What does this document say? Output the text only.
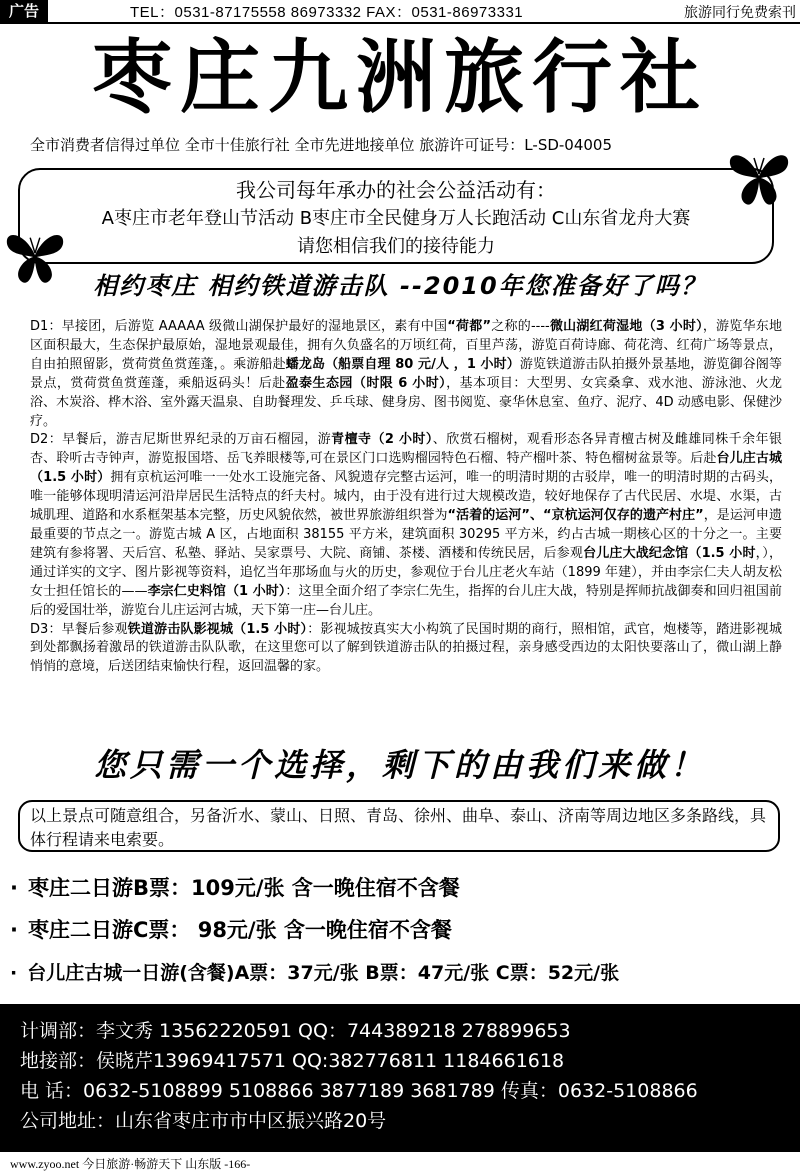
广告	TEL：0531-87175558 86973332 FAX：0531-86973331	旅游同行免费索刊
枣庄九洲旅行社
全市消费者信得过单位 全市十佳旅行社 全市先进地接单位 旅游许可证号：L-SD-04005
我公司每年承办的社会公益活动有：
A枣庄市老年登山节活动 B枣庄市全民健身万人长跑活动 C山东省龙舟大赛
请您相信我们的接待能力
相约枣庄 相约铁道游击队 --2010年您准备好了吗？
D1：早接团，后游览 AAAAA 级微山湖保护最好的湿地景区，素有中国“荷都”之称的----微山湖红荷湿地（3 小时），游览华东地区面积最大，生态保护最原始，湿地景观最佳，拥有久负盛名的万顷红荷，百里芦荡，游览百荷诗廊、荷花湾、红荷广场等景点，自由拍照留影，赏荷赏鱼赏莲蓬，。乘游船赴蟠龙岛（船票自理 80 元/人 ，1 小时）游览铁道游击队拍摄外景基地，游览御谷阁等景点，赏荷赏鱼赏莲蓬，乘船返码头！后赴盈泰生态园（时限 6 小时），基本项目：大型男、女宾桑拿、戏水池、游泳池、火龙浴、木炭浴、桦木浴、室外露天温泉、自助餐理发、乒乓球、健身房、图书阅览、豪华休息室、鱼疗、泥疗、4D 动感电影、保健沙疗。
D2：早餐后，游吉尼斯世界纪录的万亩石榴园，游青檀寺（2 小时）、欣赏石榴树，观看形态各异青檀古树及雌雄同株千余年银杏、聆听古寺钟声，游览报国塔、岳飞养眼楼等,可在景区门口选购榴园特色石榴、特产榴叶茶、特色榴树盆景等。后赴台儿庄古城（1.5 小时）拥有京杭运河唯一一处水工设施完备、风貌遗存完整古运河，唯一的明清时期的古驳岸，唯一的明清时期的古码头，唯一能够体现明清运河沿岸居民生活特点的纤夫村。城内，由于没有进行过大规模改造，较好地保存了古代民居、水堤、水渠，古城肌理、道路和水系框架基本完整，历史风貌依然，被世界旅游组织誉为“活着的运河”、“京杭运河仅存的遗产村庄”，是运河申遗最重要的节点之一。游览古城 A 区，占地面积 38155 平方米，建筑面积 30295 平方米，约占古城一期核心区的十分之一。主要建筑有参将署、天后宫、私塾、驿站、吴家票号、大院、商铺、茶楼、酒楼和传统民居，后参观台儿庄大战纪念馆（1.5 小时，），通过详实的文字、图片影视等资料，追忆当年那场血与火的历史，参观位于台儿庄老火车站（1899 年建），并由李宗仁夫人胡友松女士担任馆长的——李宗仁史料馆（1 小时）：这里全面介绍了李宗仁先生，指挥的台儿庄大战，特别是挥师抗战御奏和回归祖国前后的爱国壮举，游览台儿庄运河古城，天下第一庄—台儿庄。
D3：早餐后参观铁道游击队影视城（1.5 小时）：影视城按真实大小构筑了民国时期的商行，照相馆，武官，炮楼等，踏进影视城到处都飘扬着激昂的铁道游击队队歌，在这里您可以了解到铁道游击队的拍摄过程，亲身感受西边的太阳快要落山了，微山湖上静悄悄的意境，后送团结束愉快行程，返回温馨的家。
您只需一个选择，剩下的由我们来做！
以上景点可随意组合，另备沂水、蒙山、日照、青岛、徐州、曲阜、泰山、济南等周边地区多条路线，具体行程请来电索要。
· 枣庄二日游B票：109元/张 含一晚住宿不含餐
· 枣庄二日游C票： 98元/张 含一晚住宿不含餐
· 台儿庄古城一日游(含餐)A票：37元/张 B票：47元/张 C票：52元/张
计调部：李文秀 13562220591 QQ：744389218 278899653
地接部：侯晓芹13969417571 QQ:382776811 1184661618
电 话：0632-5108899 5108866 3877189 3681789 传真：0632-5108866
公司地址：山东省枣庄市市中区振兴路20号
www.zyoo.net 今日旅游·畅游天下 山东版 -166-
